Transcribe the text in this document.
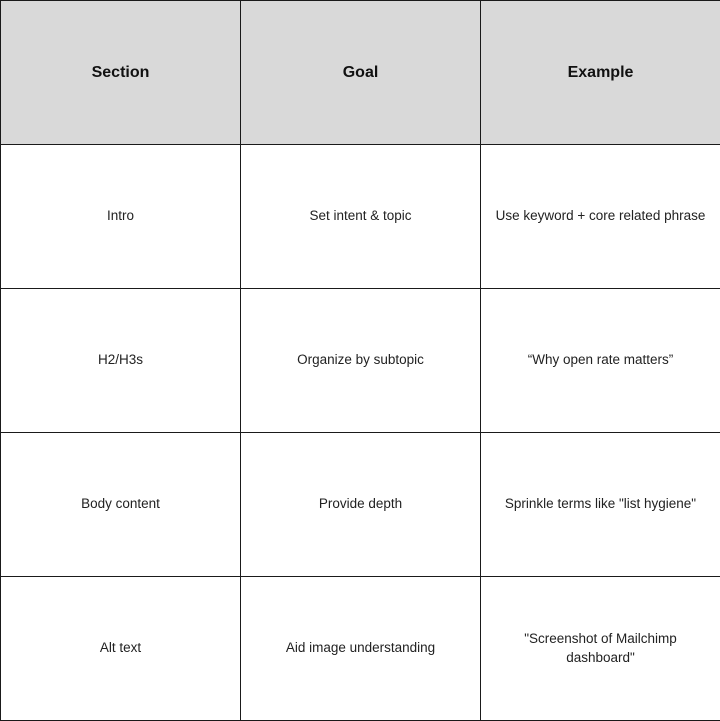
Section	Goal	Example
Intro	Set intent & topic	Use keyword + core related phrase
H2/H3s	Organize by subtopic	“Why open rate matters”
Body content	Provide depth	Sprinkle terms like "list hygiene"
Alt text	Aid image understanding	"Screenshot of Mailchimp dashboard"
